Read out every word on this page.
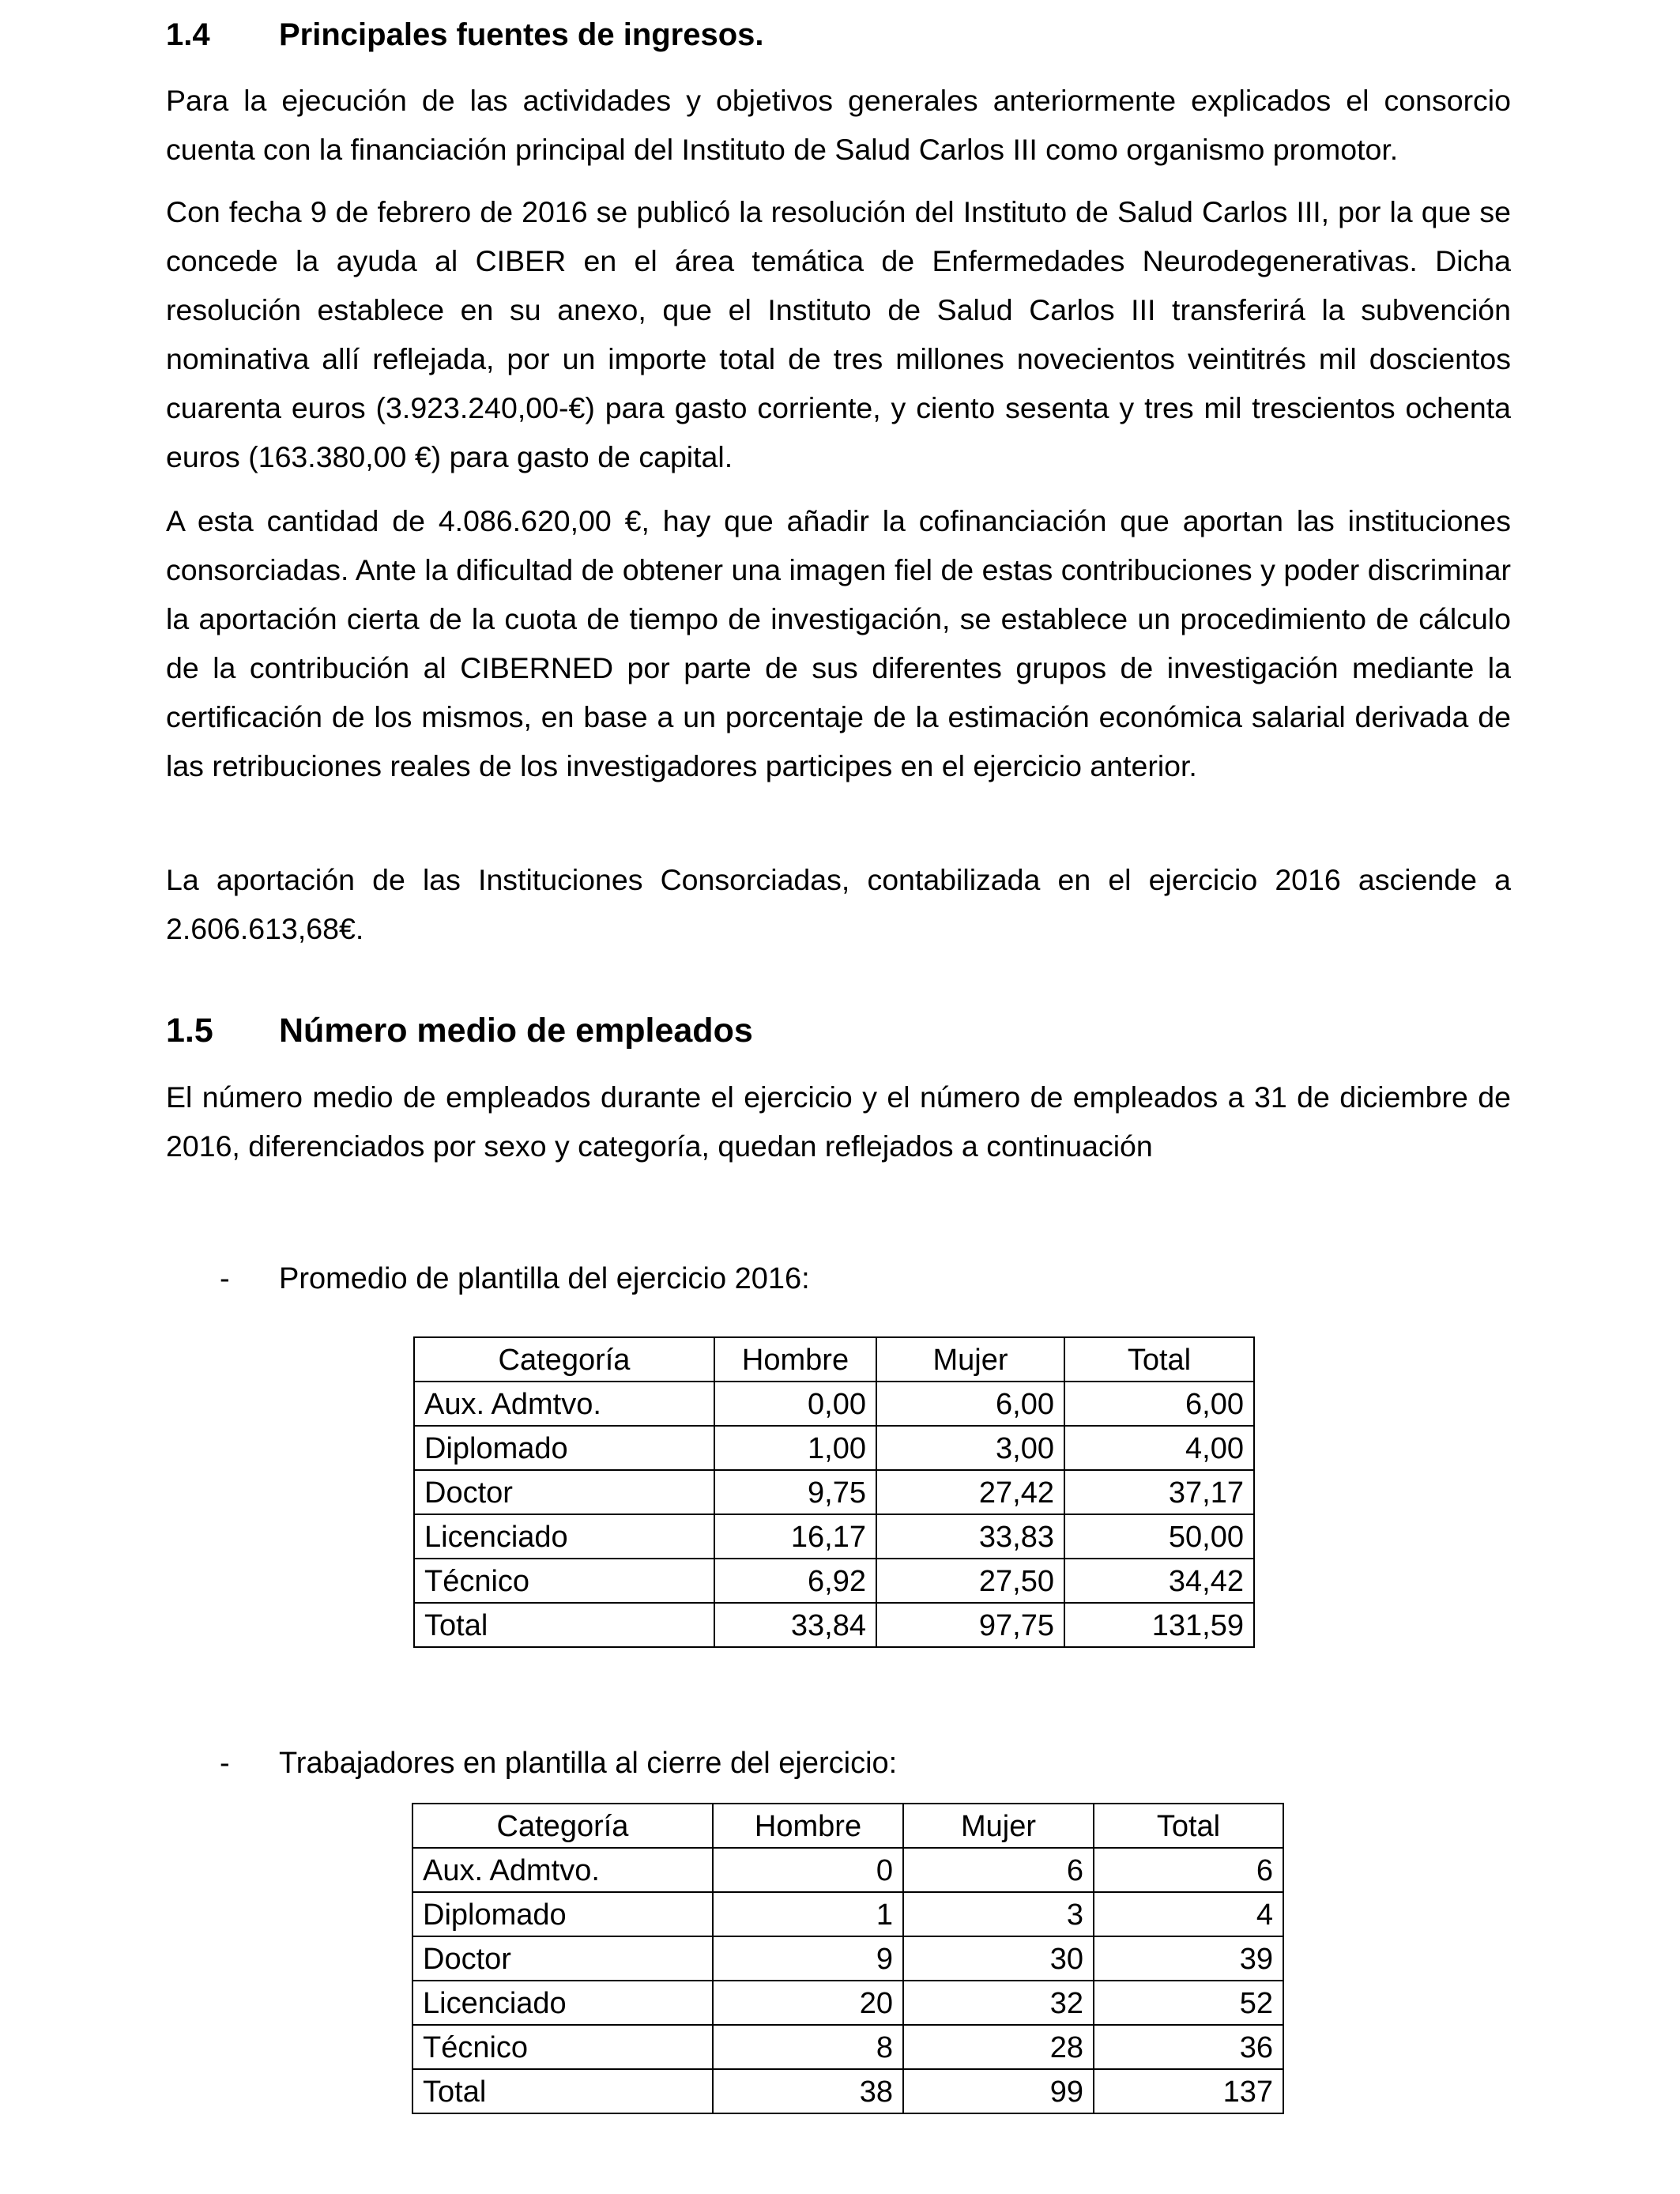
1.4 Principales fuentes de ingresos.

Para la ejecución de las actividades y objetivos generales anteriormente explicados el consorcio cuenta con la financiación principal del Instituto de Salud Carlos III como organismo promotor.

Con fecha 9 de febrero de 2016 se publicó la resolución del Instituto de Salud Carlos III, por la que se concede la ayuda al CIBER en el área temática de Enfermedades Neurodegenerativas. Dicha resolución establece en su anexo, que el Instituto de Salud Carlos III transferirá la subvención nominativa allí reflejada, por un importe total de tres millones novecientos veintitrés mil doscientos cuarenta euros (3.923.240,00-€) para gasto corriente, y ciento sesenta y tres mil trescientos ochenta euros (163.380,00 €) para gasto de capital.

A esta cantidad de 4.086.620,00 €, hay que añadir la cofinanciación que aportan las instituciones consorciadas. Ante la dificultad de obtener una imagen fiel de estas contribuciones y poder discriminar la aportación cierta de la cuota de tiempo de investigación, se establece un procedimiento de cálculo de la contribución al CIBERNED por parte de sus diferentes grupos de investigación mediante la certificación de los mismos, en base a un porcentaje de la estimación económica salarial derivada de las retribuciones reales de los investigadores participes en el ejercicio anterior.

La aportación de las Instituciones Consorciadas, contabilizada en el ejercicio 2016 asciende a 2.606.613,68€.

1.5 Número medio de empleados

El número medio de empleados durante el ejercicio y el número de empleados a 31 de diciembre de 2016, diferenciados por sexo y categoría, quedan reflejados a continuación

- Promedio de plantilla del ejercicio 2016:
Categoría	Hombre	Mujer	Total
Aux. Admtvo.	0,00	6,00	6,00
Diplomado	1,00	3,00	4,00
Doctor	9,75	27,42	37,17
Licenciado	16,17	33,83	50,00
Técnico	6,92	27,50	34,42
Total	33,84	97,75	131,59
- Trabajadores en plantilla al cierre del ejercicio:
Categoría	Hombre	Mujer	Total
Aux. Admtvo.	0	6	6
Diplomado	1	3	4
Doctor	9	30	39
Licenciado	20	32	52
Técnico	8	28	36
Total	38	99	137
